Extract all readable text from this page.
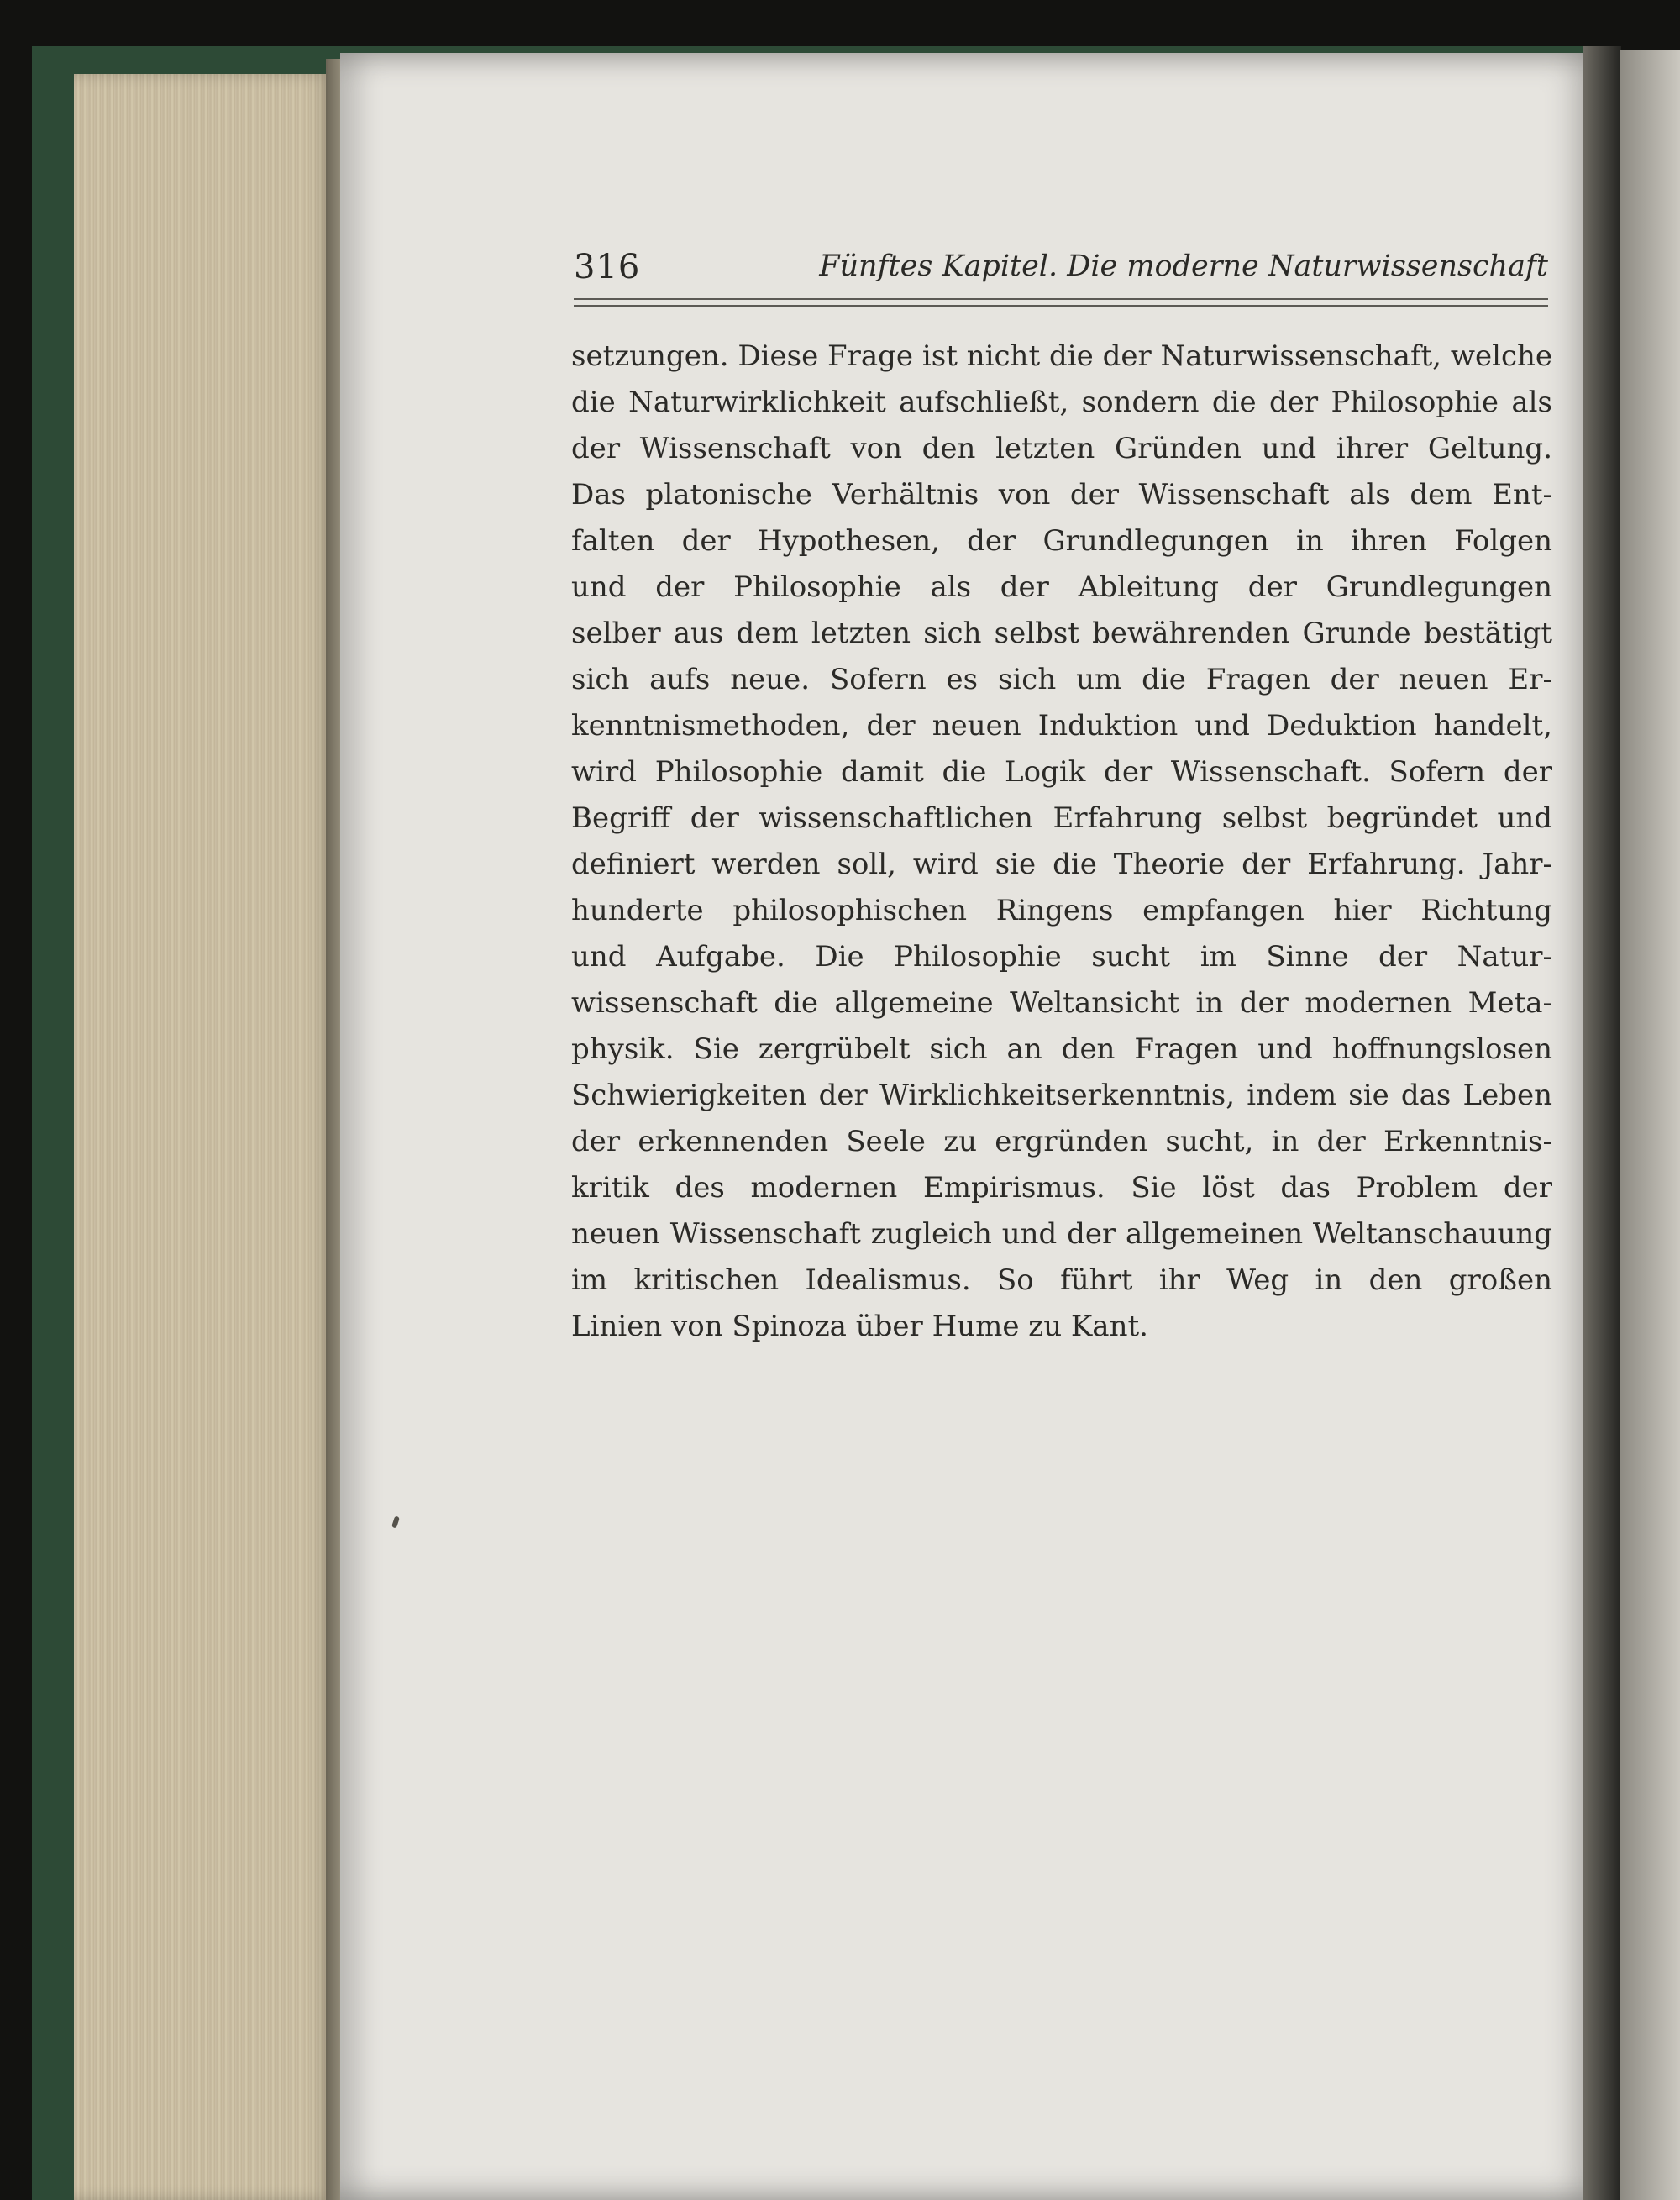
316	Fünftes Kapitel. Die moderne Naturwissenschaft
setzungen. Diese Frage ist nicht die der Naturwissenschaft, welche
die Naturwirklichkeit aufschließt, sondern die der Philosophie als
der Wissenschaft von den letzten Gründen und ihrer Geltung.
Das platonische Verhältnis von der Wissenschaft als dem Ent-
falten der Hypothesen, der Grundlegungen in ihren Folgen
und der Philosophie als der Ableitung der Grundlegungen
selber aus dem letzten sich selbst bewährenden Grunde bestätigt
sich aufs neue. Sofern es sich um die Fragen der neuen Er-
kenntnismethoden, der neuen Induktion und Deduktion handelt,
wird Philosophie damit die Logik der Wissenschaft. Sofern der
Begriff der wissenschaftlichen Erfahrung selbst begründet und
definiert werden soll, wird sie die Theorie der Erfahrung. Jahr-
hunderte philosophischen Ringens empfangen hier Richtung
und Aufgabe. Die Philosophie sucht im Sinne der Natur-
wissenschaft die allgemeine Weltansicht in der modernen Meta-
physik. Sie zergrübelt sich an den Fragen und hoffnungslosen
Schwierigkeiten der Wirklichkeitserkenntnis, indem sie das Leben
der erkennenden Seele zu ergründen sucht, in der Erkenntnis-
kritik des modernen Empirismus. Sie löst das Problem der
neuen Wissenschaft zugleich und der allgemeinen Weltanschauung
im kritischen Idealismus. So führt ihr Weg in den großen
Linien von Spinoza über Hume zu Kant.
